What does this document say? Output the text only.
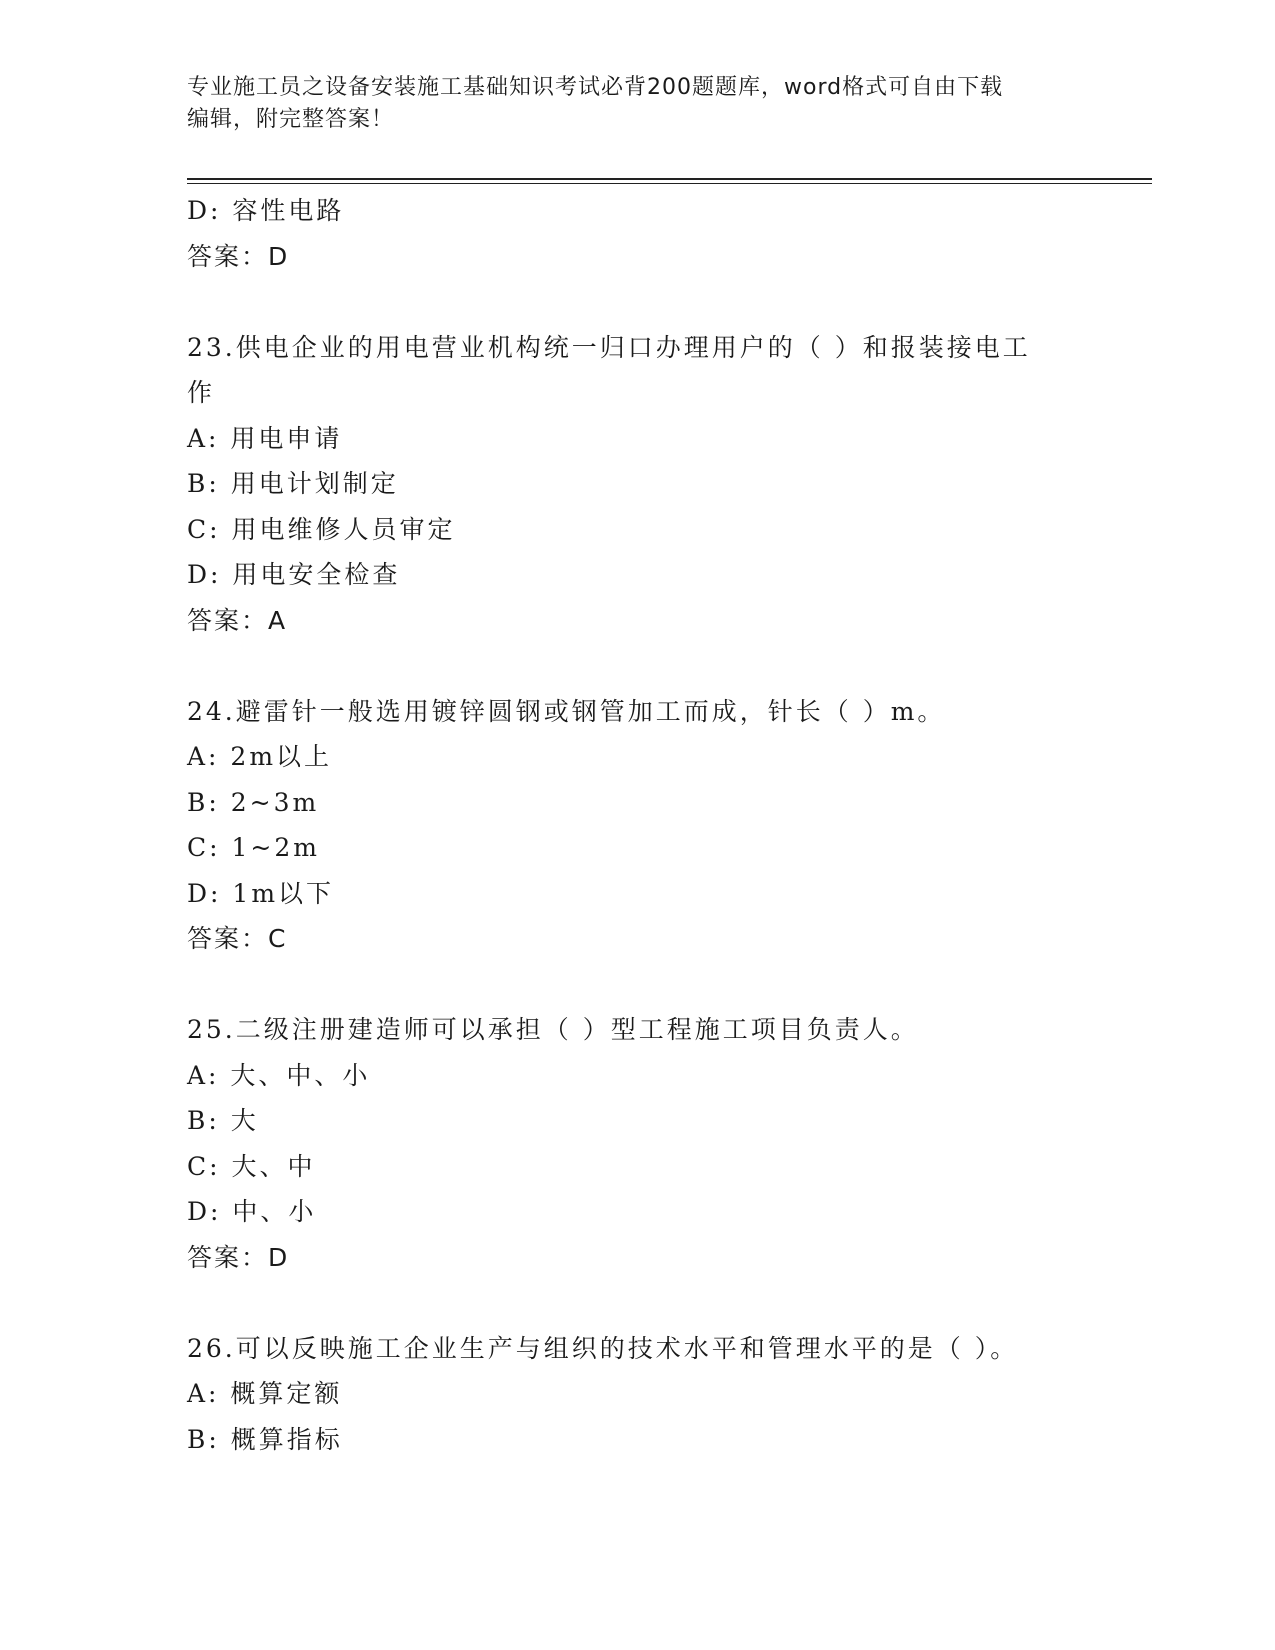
专业施工员之设备安装施工基础知识考试必背200题题库，word格式可自由下载
编辑，附完整答案！
D: 容性电路
答案：D
23.供电企业的用电营业机构统一归口办理用户的（ ）和报装接电工
作
A: 用电申请
B: 用电计划制定
C: 用电维修人员审定
D: 用电安全检查
答案：A
24.避雷针一般选用镀锌圆钢或钢管加工而成，针长（ ）m。
A: 2m以上
B: 2~3m
C: 1~2m
D: 1m以下
答案：C
25.二级注册建造师可以承担（ ）型工程施工项目负责人。
A: 大、中、小
B: 大
C: 大、中
D: 中、小
答案：D
26.可以反映施工企业生产与组织的技术水平和管理水平的是（ ）。
A: 概算定额
B: 概算指标
